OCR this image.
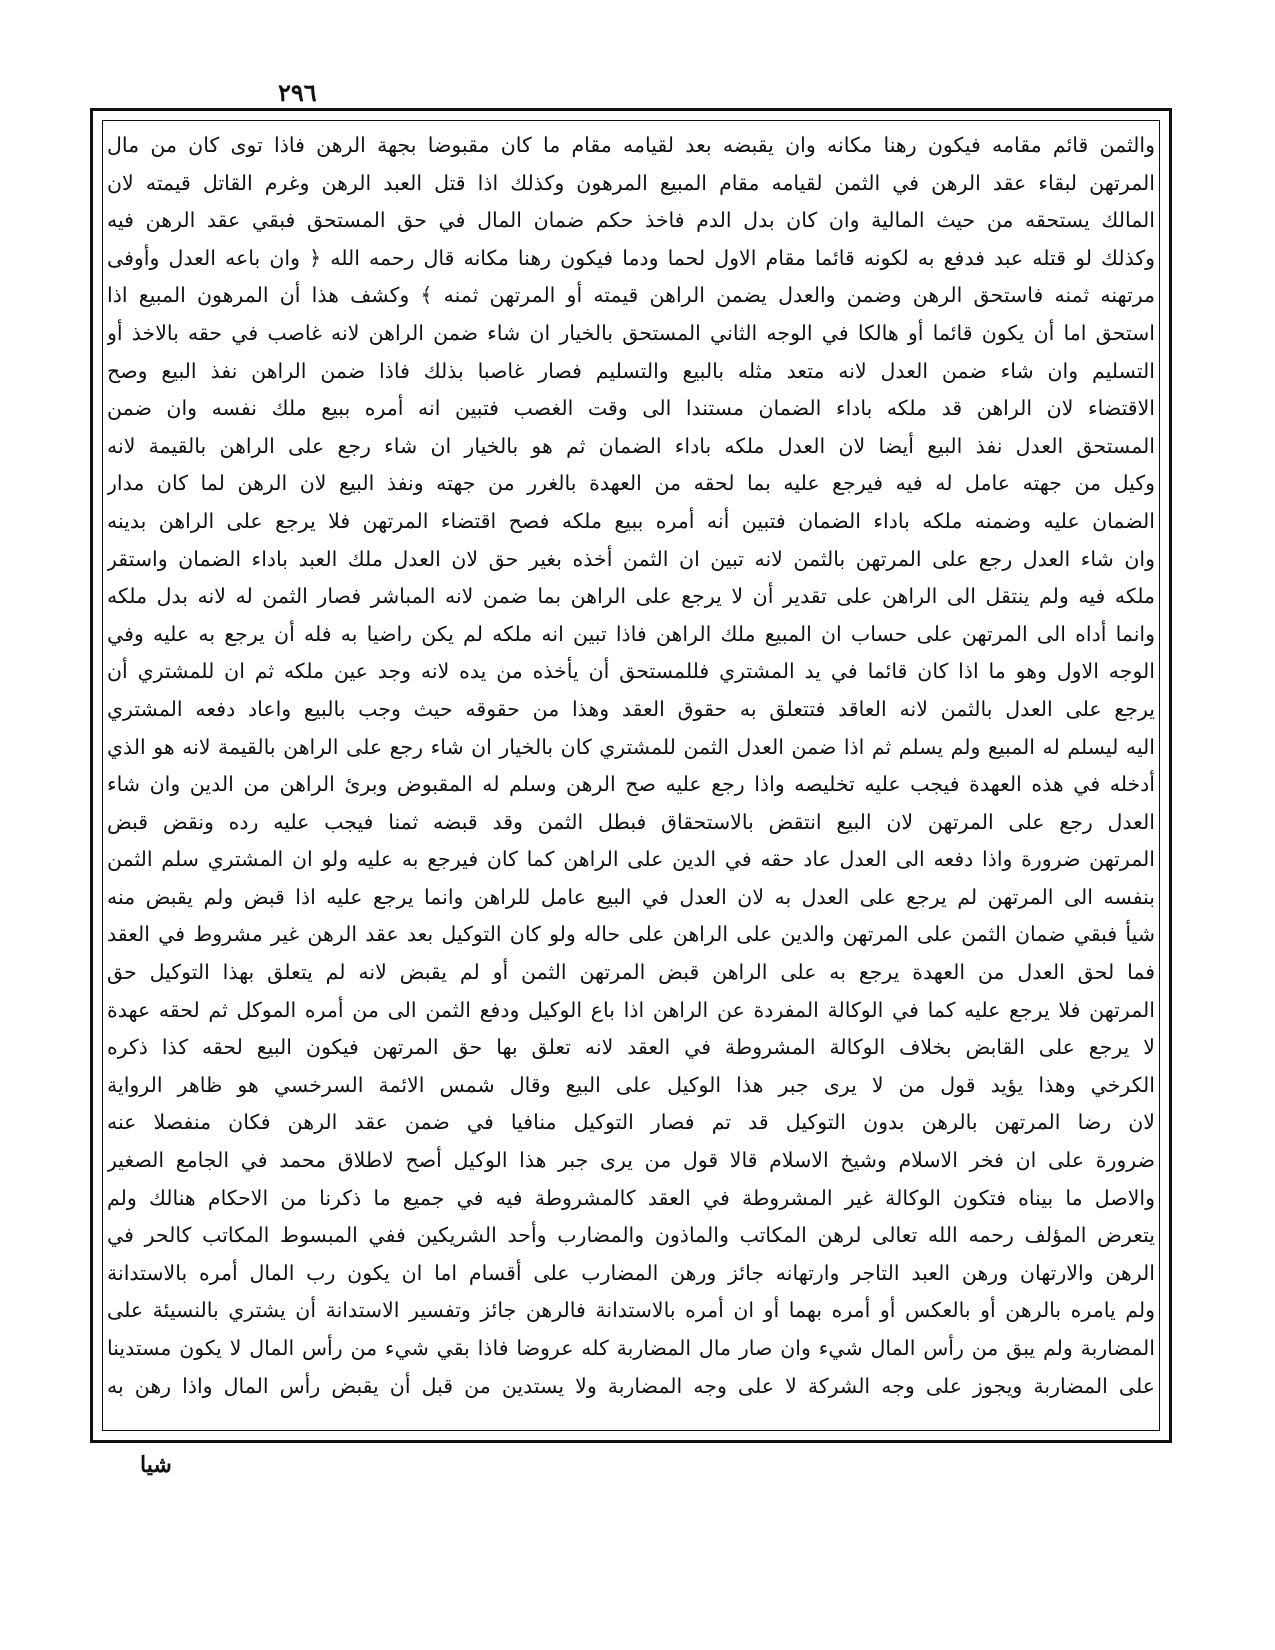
٢٩٦
والثمن قائم مقامه فيكون رهنا مكانه وان يقبضه بعد لقيامه مقام ما كان مقبوضا بجهة الرهن فاذا توى كان من مال
المرتهن لبقاء عقد الرهن في الثمن لقيامه مقام المبيع المرهون وكذلك اذا قتل العبد الرهن وغرم القاتل قيمته لان
المالك يستحقه من حيث المالية وان كان بدل الدم فاخذ حكم ضمان المال في حق المستحق فبقي عقد الرهن فيه
وكذلك لو قتله عبد فدفع به لكونه قائما مقام الاول لحما ودما فيكون رهنا مكانه قال رحمه الله ﴿ وان باعه العدل وأوفى
مرتهنه ثمنه فاستحق الرهن وضمن والعدل يضمن الراهن قيمته أو المرتهن ثمنه ﴾ وكشف هذا أن المرهون المبيع اذا
استحق اما أن يكون قائما أو هالكا في الوجه الثاني المستحق بالخيار ان شاء ضمن الراهن لانه غاصب في حقه بالاخذ أو
التسليم وان شاء ضمن العدل لانه متعد مثله بالبيع والتسليم فصار غاصبا بذلك فاذا ضمن الراهن نفذ البيع وصح
الاقتضاء لان الراهن قد ملكه باداء الضمان مستندا الى وقت الغصب فتبين انه أمره ببيع ملك نفسه وان ضمن
المستحق العدل نفذ البيع أيضا لان العدل ملكه باداء الضمان ثم هو بالخيار ان شاء رجع على الراهن بالقيمة لانه
وكيل من جهته عامل له فيه فيرجع عليه بما لحقه من العهدة بالغرر من جهته ونفذ البيع لان الرهن لما كان مدار
الضمان عليه وضمنه ملكه باداء الضمان فتبين أنه أمره ببيع ملكه فصح اقتضاء المرتهن فلا يرجع على الراهن بدينه
وان شاء العدل رجع على المرتهن بالثمن لانه تبين ان الثمن أخذه بغير حق لان العدل ملك العبد باداء الضمان واستقر
ملكه فيه ولم ينتقل الى الراهن على تقدير أن لا يرجع على الراهن بما ضمن لانه المباشر فصار الثمن له لانه بدل ملكه
وانما أداه الى المرتهن على حساب ان المبيع ملك الراهن فاذا تبين انه ملكه لم يكن راضيا به فله أن يرجع به عليه وفي
الوجه الاول وهو ما اذا كان قائما في يد المشتري فللمستحق أن يأخذه من يده لانه وجد عين ملكه ثم ان للمشتري أن
يرجع على العدل بالثمن لانه العاقد فتتعلق به حقوق العقد وهذا من حقوقه حيث وجب بالبيع واعاد دفعه المشتري
اليه ليسلم له المبيع ولم يسلم ثم اذا ضمن العدل الثمن للمشتري كان بالخيار ان شاء رجع على الراهن بالقيمة لانه هو الذي
أدخله في هذه العهدة فيجب عليه تخليصه واذا رجع عليه صح الرهن وسلم له المقبوض وبرئ الراهن من الدين وان شاء
العدل رجع على المرتهن لان البيع انتقض بالاستحقاق فبطل الثمن وقد قبضه ثمنا فيجب عليه رده ونقض قبض
المرتهن ضرورة واذا دفعه الى العدل عاد حقه في الدين على الراهن كما كان فيرجع به عليه ولو ان المشتري سلم الثمن
بنفسه الى المرتهن لم يرجع على العدل به لان العدل في البيع عامل للراهن وانما يرجع عليه اذا قبض ولم يقبض منه
شيأ فبقي ضمان الثمن على المرتهن والدين على الراهن على حاله ولو كان التوكيل بعد عقد الرهن غير مشروط في العقد
فما لحق العدل من العهدة يرجع به على الراهن قبض المرتهن الثمن أو لم يقبض لانه لم يتعلق بهذا التوكيل حق
المرتهن فلا يرجع عليه كما في الوكالة المفردة عن الراهن اذا باع الوكيل ودفع الثمن الى من أمره الموكل ثم لحقه عهدة
لا يرجع على القابض بخلاف الوكالة المشروطة في العقد لانه تعلق بها حق المرتهن فيكون البيع لحقه كذا ذكره
الكرخي وهذا يؤيد قول من لا يرى جبر هذا الوكيل على البيع وقال شمس الائمة السرخسي هو ظاهر الرواية
لان رضا المرتهن بالرهن بدون التوكيل قد تم فصار التوكيل منافيا في ضمن عقد الرهن فكان منفصلا عنه
ضرورة على ان فخر الاسلام وشيخ الاسلام قالا قول من يرى جبر هذا الوكيل أصح لاطلاق محمد في الجامع الصغير
والاصل ما بيناه فتكون الوكالة غير المشروطة في العقد كالمشروطة فيه في جميع ما ذكرنا من الاحكام هنالك ولم
يتعرض المؤلف رحمه الله تعالى لرهن المكاتب والماذون والمضارب وأحد الشريكين ففي المبسوط المكاتب كالحر في
الرهن والارتهان ورهن العبد التاجر وارتهانه جائز ورهن المضارب على أقسام اما ان يكون رب المال أمره بالاستدانة
ولم يامره بالرهن أو بالعكس أو أمره بهما أو ان أمره بالاستدانة فالرهن جائز وتفسير الاستدانة أن يشتري بالنسيئة على
المضاربة ولم يبق من رأس المال شيء وان صار مال المضاربة كله عروضا فاذا بقي شيء من رأس المال لا يكون مستدينا
على المضاربة ويجوز على وجه الشركة لا على وجه المضاربة ولا يستدين من قبل أن يقبض رأس المال واذا رهن به
شيا
